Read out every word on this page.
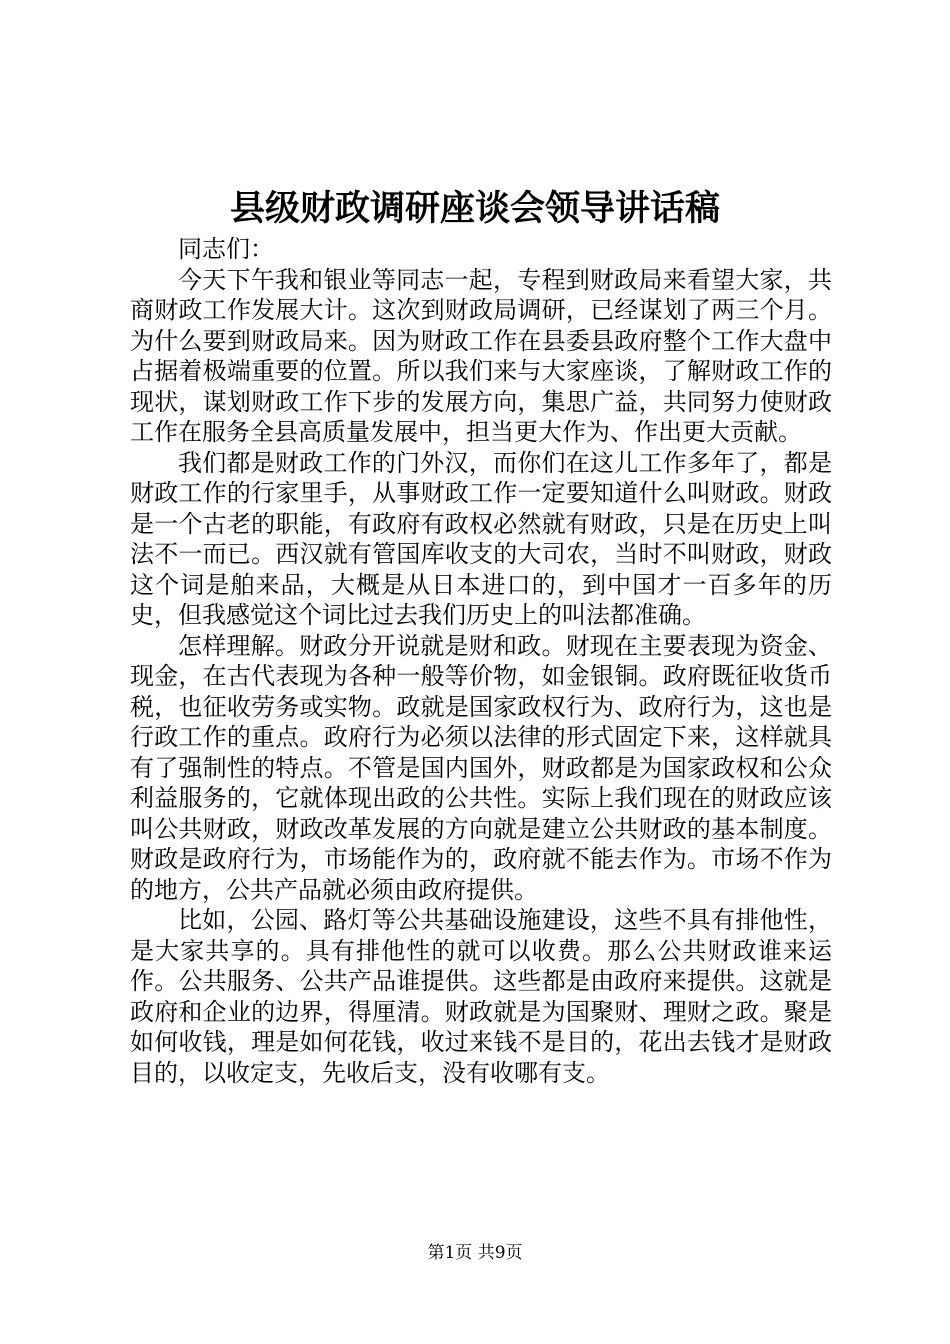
县级财政调研座谈会领导讲话稿

同志们：

今天下午我和银业等同志一起，专程到财政局来看望大家，共商财政工作发展大计。这次到财政局调研，已经谋划了两三个月。为什么要到财政局来。因为财政工作在县委县政府整个工作大盘中占据着极端重要的位置。所以我们来与大家座谈，了解财政工作的现状，谋划财政工作下步的发展方向，集思广益，共同努力使财政工作在服务全县高质量发展中，担当更大作为、作出更大贡献。

我们都是财政工作的门外汉，而你们在这儿工作多年了，都是财政工作的行家里手，从事财政工作一定要知道什么叫财政。财政是一个古老的职能，有政府有政权必然就有财政，只是在历史上叫法不一而已。西汉就有管国库收支的大司农，当时不叫财政，财政这个词是舶来品，大概是从日本进口的，到中国才一百多年的历史，但我感觉这个词比过去我们历史上的叫法都准确。

怎样理解。财政分开说就是财和政。财现在主要表现为资金、现金，在古代表现为各种一般等价物，如金银铜。政府既征收货币税，也征收劳务或实物。政就是国家政权行为、政府行为，这也是行政工作的重点。政府行为必须以法律的形式固定下来，这样就具有了强制性的特点。不管是国内国外，财政都是为国家政权和公众利益服务的，它就体现出政的公共性。实际上我们现在的财政应该叫公共财政，财政改革发展的方向就是建立公共财政的基本制度。财政是政府行为，市场能作为的，政府就不能去作为。市场不作为的地方，公共产品就必须由政府提供。

比如，公园、路灯等公共基础设施建设，这些不具有排他性，是大家共享的。具有排他性的就可以收费。那么公共财政谁来运作。公共服务、公共产品谁提供。这些都是由政府来提供。这就是政府和企业的边界，得厘清。财政就是为国聚财、理财之政。聚是如何收钱，理是如何花钱，收过来钱不是目的，花出去钱才是财政目的，以收定支，先收后支，没有收哪有支。

第1页 共9页
